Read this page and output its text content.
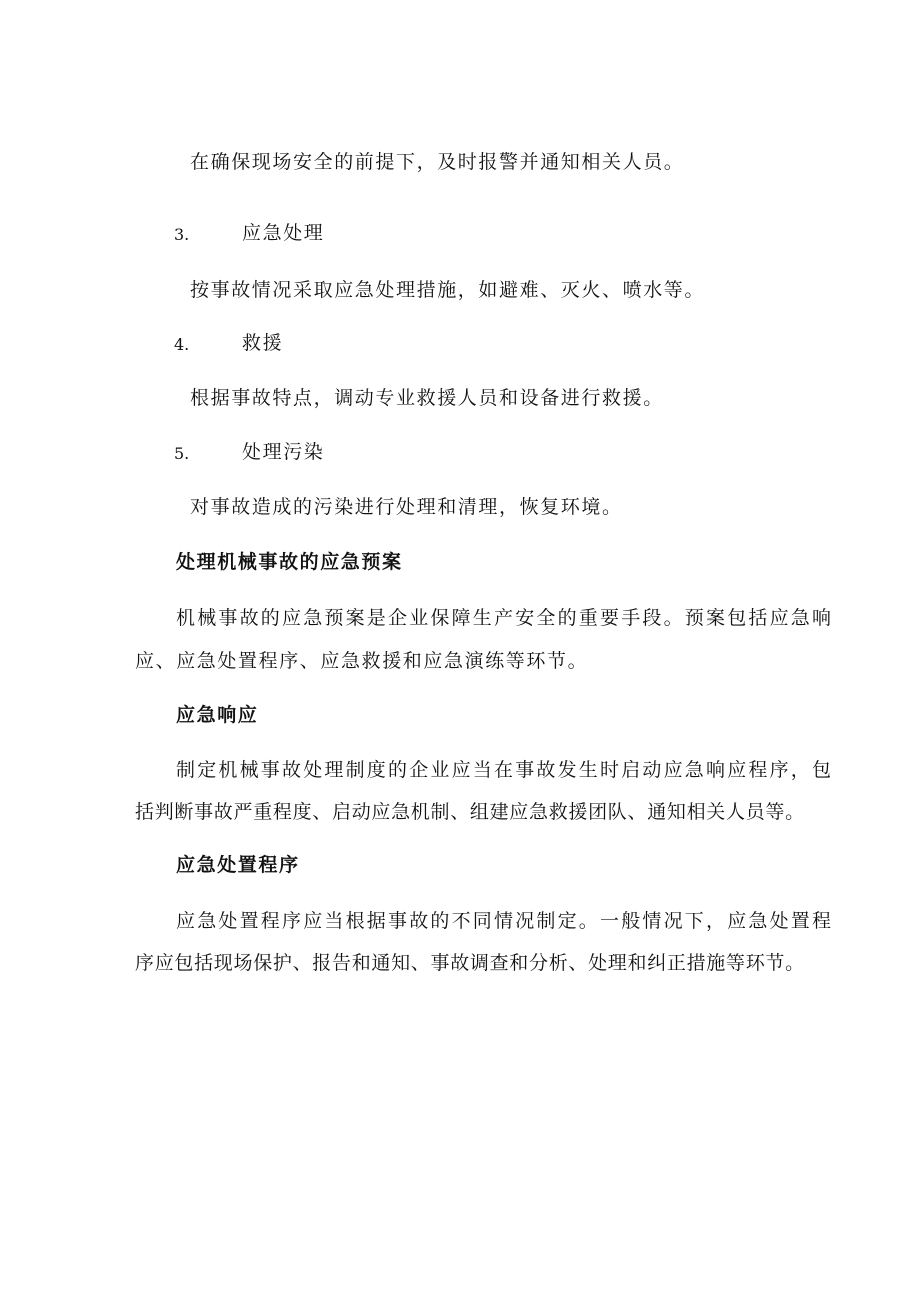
在确保现场安全的前提下，及时报警并通知相关人员。
3.	应急处理
按事故情况采取应急处理措施，如避难、灭火、喷水等。
4.	救援
根据事故特点，调动专业救援人员和设备进行救援。
5.	处理污染
对事故造成的污染进行处理和清理，恢复环境。
处理机械事故的应急预案
机械事故的应急预案是企业保障生产安全的重要手段。预案包括应急响
应、应急处置程序、应急救援和应急演练等环节。
应急响应
制定机械事故处理制度的企业应当在事故发生时启动应急响应程序，包
括判断事故严重程度、启动应急机制、组建应急救援团队、通知相关人员等。
应急处置程序
应急处置程序应当根据事故的不同情况制定。一般情况下，应急处置程
序应包括现场保护、报告和通知、事故调查和分析、处理和纠正措施等环节。
